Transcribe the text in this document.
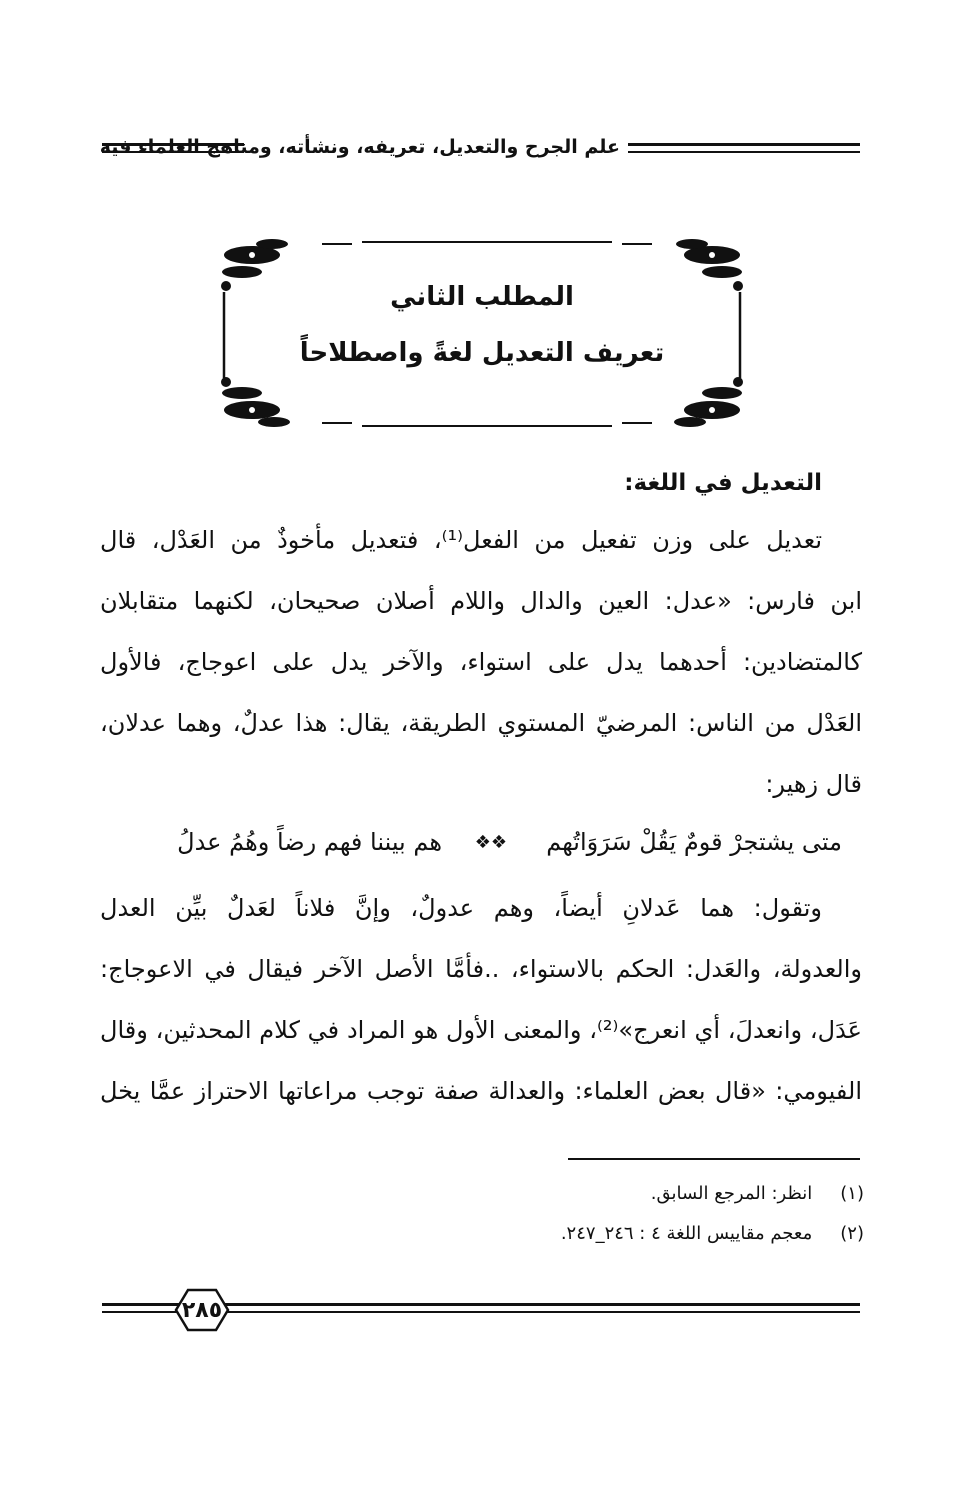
علم الجرح والتعديل، تعريفه، ونشأته، ومناهج العلماء فيه
المطلب الثاني
تعريف التعديل لغةً واصطلاحاً
التعديل في اللغة:
تعديل على وزن تفعيل من الفعل⁽¹⁾، فتعديل مأخوذٌ من العَدْل، قال
ابن فارس: «عدل: العين والدال واللام أصلان صحيحان، لكنهما متقابلان
كالمتضادين: أحدهما يدل على استواء، والآخر يدل على اعوجاج، فالأول
العَدْل من الناس: المرضيّ المستوي الطريقة، يقال: هذا عدلٌ، وهما عدلان،
قال زهير:
متى يشتجرْ قومٌ يَقُلْ سَرَوَاتُهم
❖❖
هم بيننا فهم رضاً وهُمُ عدلُ
وتقول: هما عَدلانِ أيضاً، وهم عدولٌ، وإنَّ فلاناً لعَدلٌ بيِّن العدل
والعدولة، والعَدل: الحكم بالاستواء، ..فأمَّا الأصل الآخر فيقال في الاعوجاج:
عَدَل، وانعدلَ، أي انعرج»⁽²⁾، والمعنى الأول هو المراد في كلام المحدثين، وقال
الفيومي: «قال بعض العلماء: والعدالة صفة توجب مراعاتها الاحتراز عمَّا يخل
(١) انظر: المرجع السابق.
(٢) معجم مقاييس اللغة ٤ : ٢٤٦_٢٤٧.
٢٨٥
